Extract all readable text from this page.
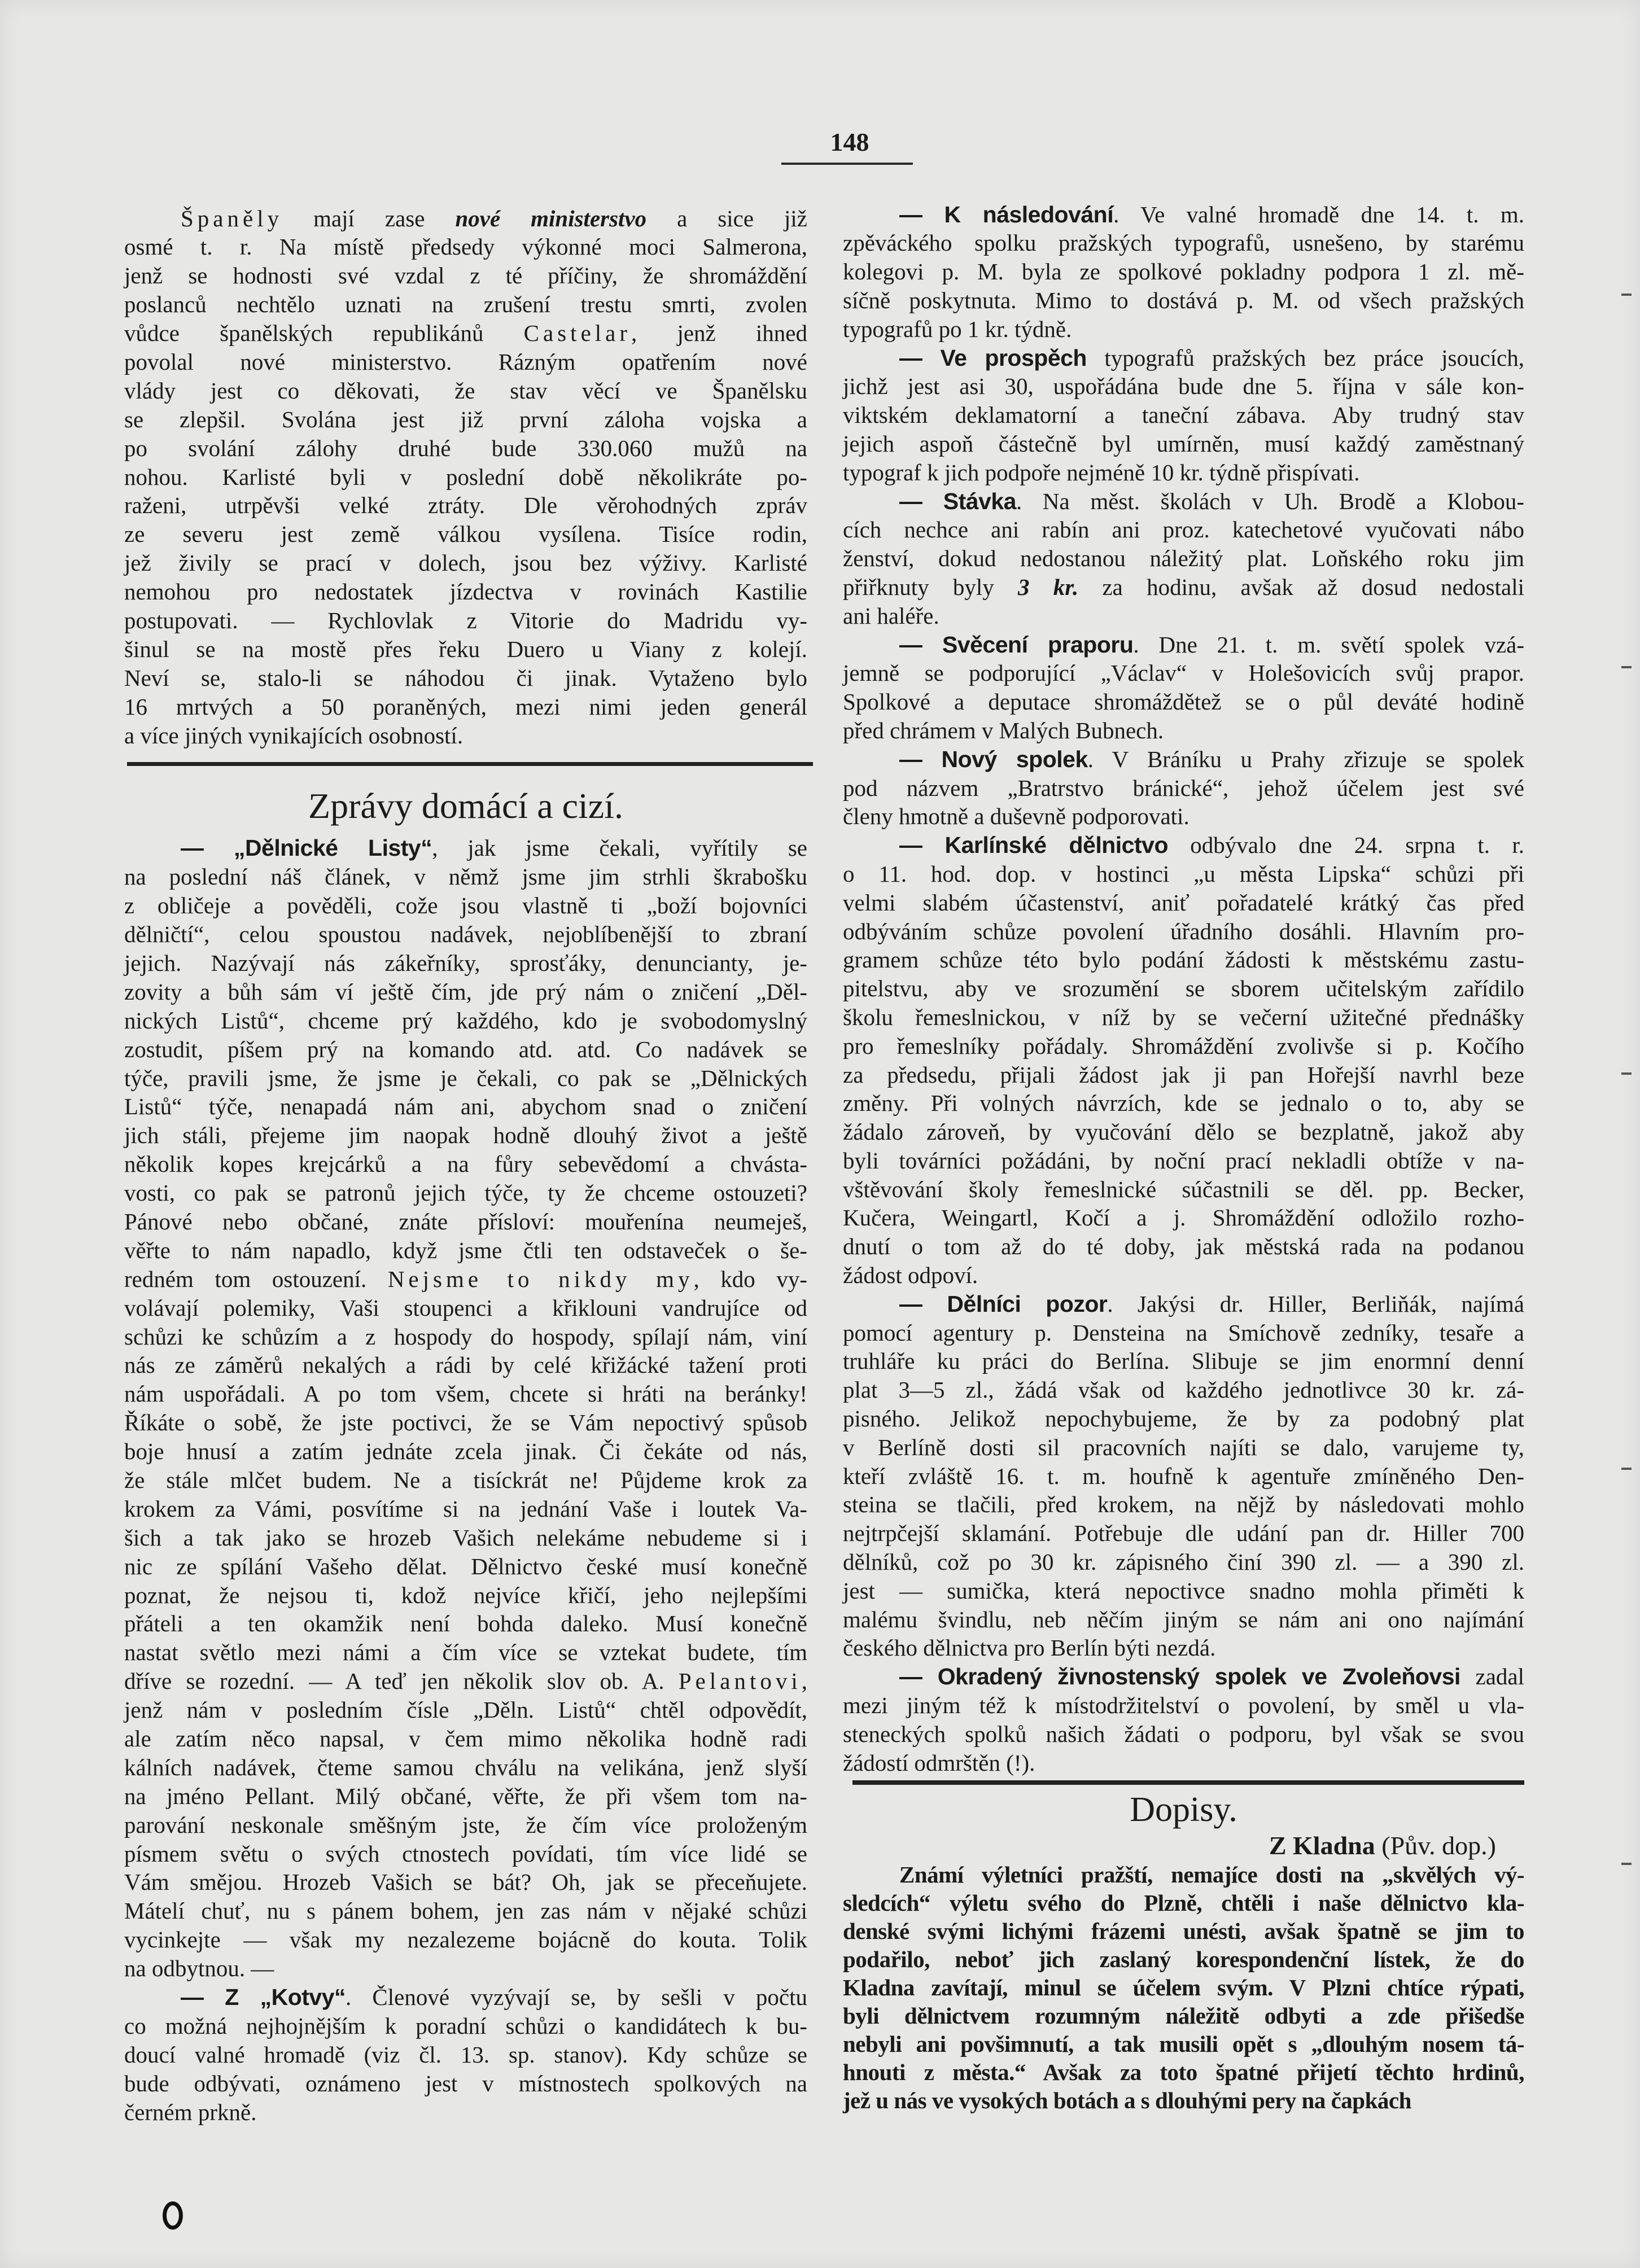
148
Španěly mají zase nové ministerstvo a sice již
osmé t. r. Na místě předsedy výkonné moci Salmerona,
jenž se hodnosti své vzdal z té příčiny, že shromáždění
poslanců nechtělo uznati na zrušení trestu smrti, zvolen
vůdce španělských republikánů Castelar, jenž ihned
povolal nové ministerstvo. Rázným opatřením nové
vlády jest co děkovati, že stav věcí ve Španělsku
se zlepšil. Svolána jest již první záloha vojska a
po svolání zálohy druhé bude 330.060 mužů na
nohou. Karlisté byli v poslední době několikráte po-
raženi, utrpěvši velké ztráty. Dle věrohodných zpráv
ze severu jest země válkou vysílena. Tisíce rodin,
jež živily se prací v dolech, jsou bez výživy. Karlisté
nemohou pro nedostatek jízdectva v rovinách Kastilie
postupovati. — Rychlovlak z Vitorie do Madridu vy-
šinul se na mostě přes řeku Duero u Viany z kolejí.
Neví se, stalo-li se náhodou či jinak. Vytaženo bylo
16 mrtvých a 50 poraněných, mezi nimi jeden generál
a více jiných vynikajících osobností.
Zprávy domácí a cizí.
— „Dělnické Listy“, jak jsme čekali, vyřítily se
na poslední náš článek, v němž jsme jim strhli škrabošku
z obličeje a pověděli, cože jsou vlastně ti „boží bojovníci
dělničtí“, celou spoustou nadávek, nejoblíbenější to zbraní
jejich. Nazývají nás zákeřníky, sprosťáky, denuncianty, je-
zovity a bůh sám ví ještě čím, jde prý nám o zničení „Děl-
nických Listů“, chceme prý každého, kdo je svobodomyslný
zostudit, píšem prý na komando atd. atd. Co nadávek se
týče, pravili jsme, že jsme je čekali, co pak se „Dělnických
Listů“ týče, nenapadá nám ani, abychom snad o zničení
jich stáli, přejeme jim naopak hodně dlouhý život a ještě
několik kopes krejcárků a na fůry sebevědomí a chvásta-
vosti, co pak se patronů jejich týče, ty že chceme ostouzeti?
Pánové nebo občané, znáte přísloví: mouřenína neumeješ,
věřte to nám napadlo, když jsme čtli ten odstaveček o še-
redném tom ostouzení. Nejsme to nikdy my, kdo vy-
volávají polemiky, Vaši stoupenci a křiklouni vandrujíce od
schůzi ke schůzím a z hospody do hospody, spílají nám, viní
nás ze záměrů nekalých a rádi by celé křižácké tažení proti
nám uspořádali. A po tom všem, chcete si hráti na beránky!
Říkáte o sobě, že jste poctivci, že se Vám nepoctivý spůsob
boje hnusí a zatím jednáte zcela jinak. Či čekáte od nás,
že stále mlčet budem. Ne a tisíckrát ne! Půjdeme krok za
krokem za Vámi, posvítíme si na jednání Vaše i loutek Va-
šich a tak jako se hrozeb Vašich nelekáme nebudeme si i
nic ze spílání Vašeho dělat. Dělnictvo české musí konečně
poznat, že nejsou ti, kdož nejvíce křičí, jeho nejlepšími
přáteli a ten okamžik není bohda daleko. Musí konečně
nastat světlo mezi námi a čím více se vztekat budete, tím
dříve se rozední. — A teď jen několik slov ob. A. Pelantovi,
jenž nám v posledním čísle „Děln. Listů“ chtěl odpovědít,
ale zatím něco napsal, v čem mimo několika hodně radi
kálních nadávek, čteme samou chválu na velikána, jenž slyší
na jméno Pellant. Milý občané, věřte, že při všem tom na-
parování neskonale směšným jste, že čím více proloženým
písmem světu o svých ctnostech povídati, tím více lidé se
Vám smějou. Hrozeb Vašich se bát? Oh, jak se přeceňujete.
Mátelí chuť, nu s pánem bohem, jen zas nám v nějaké schůzi
vycinkejte — však my nezalezeme bojácně do kouta. Tolik
na odbytnou. —
— Z „Kotvy“. Členové vyzývají se, by sešli v počtu
co možná nejhojnějším k poradní schůzi o kandidátech k bu-
doucí valné hromadě (viz čl. 13. sp. stanov). Kdy schůze se
bude odbývati, oznámeno jest v místnostech spolkových na
černém prkně.
— K následování. Ve valné hromadě dne 14. t. m.
zpěváckého spolku pražských typografů, usnešeno, by starému
kolegovi p. M. byla ze spolkové pokladny podpora 1 zl. mě-
síčně poskytnuta. Mimo to dostává p. M. od všech pražských
typografů po 1 kr. týdně.
— Ve prospěch typografů pražských bez práce jsoucích,
jichž jest asi 30, uspořádána bude dne 5. října v sále kon-
viktském deklamatorní a taneční zábava. Aby trudný stav
jejich aspoň částečně byl umírněn, musí každý zaměstnaný
typograf k jich podpoře nejméně 10 kr. týdně přispívati.
— Stávka. Na měst. školách v Uh. Brodě a Klobou-
cích nechce ani rabín ani proz. katechetové vyučovati nábo
ženství, dokud nedostanou náležitý plat. Loňského roku jim
přiřknuty byly 3 kr. za hodinu, avšak až dosud nedostali
ani haléře.
— Svěcení praporu. Dne 21. t. m. světí spolek vzá-
jemně se podporující „Václav“ v Holešovicích svůj prapor.
Spolkové a deputace shromáždětež se o půl deváté hodině
před chrámem v Malých Bubnech.
— Nový spolek. V Bráníku u Prahy zřizuje se spolek
pod názvem „Bratrstvo bránické“, jehož účelem jest své
členy hmotně a duševně podporovati.
— Karlínské dělnictvo odbývalo dne 24. srpna t. r.
o 11. hod. dop. v hostinci „u města Lipska“ schůzi při
velmi slabém účastenství, aniť pořadatelé krátký čas před
odbýváním schůze povolení úřadního dosáhli. Hlavním pro-
gramem schůze této bylo podání žádosti k městskému zastu-
pitelstvu, aby ve srozumění se sborem učitelským zařídilo
školu řemeslnickou, v níž by se večerní užitečné přednášky
pro řemeslníky pořádaly. Shromáždění zvolivše si p. Kočího
za předsedu, přijali žádost jak ji pan Hořejší navrhl beze
změny. Při volných návrzích, kde se jednalo o to, aby se
žádalo zároveň, by vyučování dělo se bezplatně, jakož aby
byli továrníci požádáni, by noční prací nekladli obtíže v na-
vštěvování školy řemeslnické súčastnili se děl. pp. Becker,
Kučera, Weingartl, Kočí a j. Shromáždění odložilo rozho-
dnutí o tom až do té doby, jak městská rada na podanou
žádost odpoví.
— Dělníci pozor. Jakýsi dr. Hiller, Berliňák, najímá
pomocí agentury p. Densteina na Smíchově zedníky, tesaře a
truhláře ku práci do Berlína. Slibuje se jim enormní denní
plat 3—5 zl., žádá však od každého jednotlivce 30 kr. zá-
pisného. Jelikož nepochybujeme, že by za podobný plat
v Berlíně dosti sil pracovních najíti se dalo, varujeme ty,
kteří zvláště 16. t. m. houfně k agentuře zmíněného Den-
steina se tlačili, před krokem, na nějž by následovati mohlo
nejtrpčejší sklamání. Potřebuje dle udání pan dr. Hiller 700
dělníků, což po 30 kr. zápisného činí 390 zl. — a 390 zl.
jest — sumička, která nepoctivce snadno mohla přiměti k
malému švindlu, neb něčím jiným se nám ani ono najímání
českého dělnictva pro Berlín býti nezdá.
— Okradený živnostenský spolek ve Zvoleňovsi zadal
mezi jiným též k místodržitelství o povolení, by směl u vla-
steneckých spolků našich žádati o podporu, byl však se svou
žádostí odmrštěn (!).
Dopisy.
Z Kladna (Pův. dop.)
Známí výletníci pražští, nemajíce dosti na „skvělých vý-
sledcích“ výletu svého do Plzně, chtěli i naše dělnictvo kla-
denské svými lichými frázemi unésti, avšak špatně se jim to
podařilo, neboť jich zaslaný korespondenční lístek, že do
Kladna zavítají, minul se účelem svým. V Plzni chtíce rýpati,
byli dělnictvem rozumným náležitě odbyti a zde přišedše
nebyli ani povšimnutí, a tak musili opět s „dlouhým nosem tá-
hnouti z města.“ Avšak za toto špatné přijetí těchto hrdinů,
jež u nás ve vysokých botách a s dlouhými pery na čapkách
